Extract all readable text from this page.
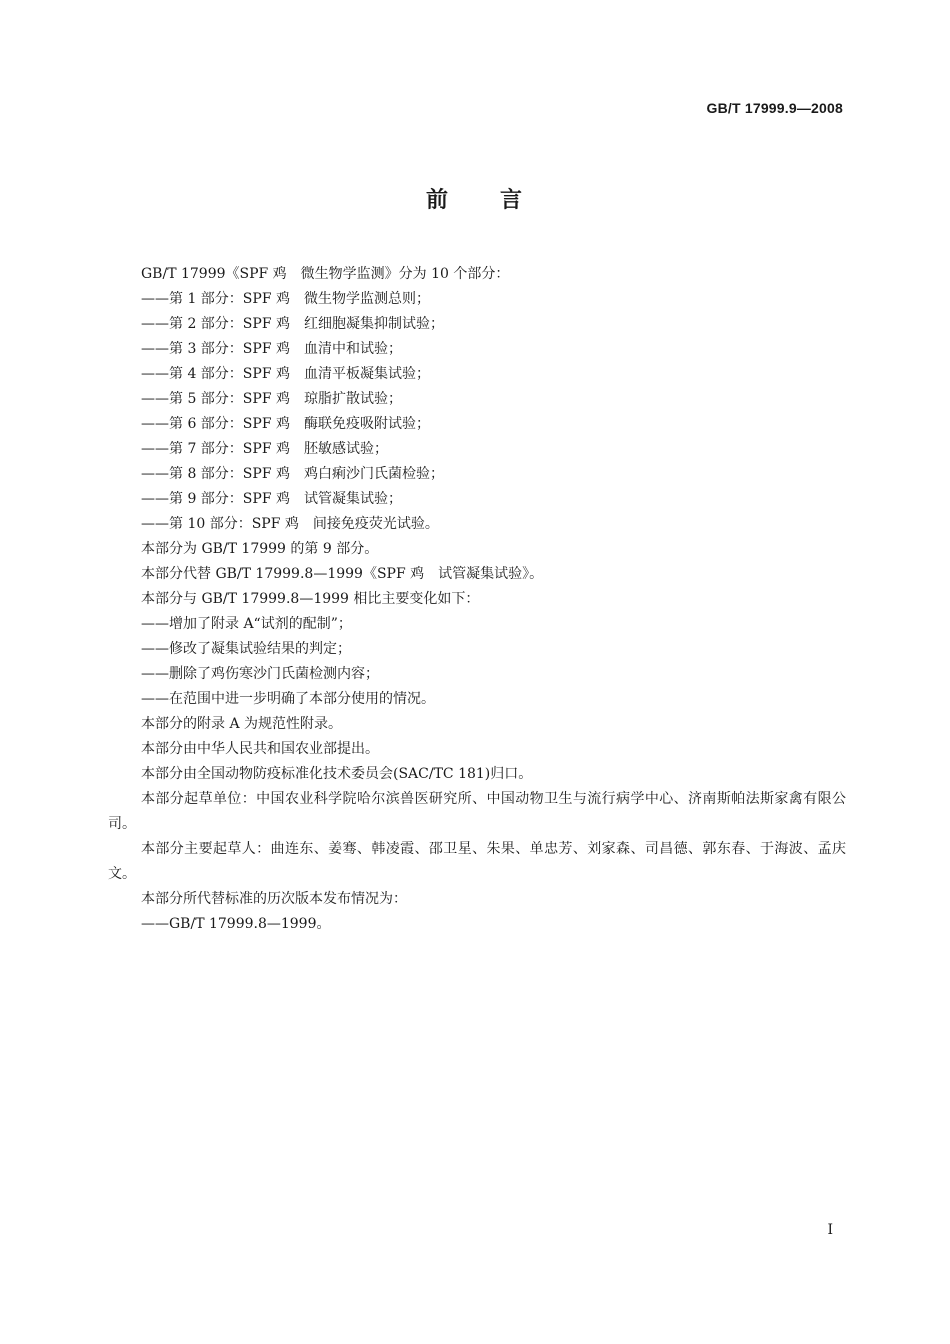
GB/T 17999.9—2008
前 言

GB/T 17999《SPF 鸡　微生物学监测》分为 10 个部分：

——第 1 部分：SPF 鸡　微生物学监测总则；

——第 2 部分：SPF 鸡　红细胞凝集抑制试验；

——第 3 部分：SPF 鸡　血清中和试验；

——第 4 部分：SPF 鸡　血清平板凝集试验；

——第 5 部分：SPF 鸡　琼脂扩散试验；

——第 6 部分：SPF 鸡　酶联免疫吸附试验；

——第 7 部分：SPF 鸡　胚敏感试验；

——第 8 部分：SPF 鸡　鸡白痢沙门氏菌检验；

——第 9 部分：SPF 鸡　试管凝集试验；

——第 10 部分：SPF 鸡　间接免疫荧光试验。

本部分为 GB/T 17999 的第 9 部分。

本部分代替 GB/T 17999.8—1999《SPF 鸡　试管凝集试验》。

本部分与 GB/T 17999.8—1999 相比主要变化如下：

——增加了附录 A“试剂的配制”；

——修改了凝集试验结果的判定；

——删除了鸡伤寒沙门氏菌检测内容；

——在范围中进一步明确了本部分使用的情况。

本部分的附录 A 为规范性附录。

本部分由中华人民共和国农业部提出。

本部分由全国动物防疫标准化技术委员会(SAC/TC 181)归口。

本部分起草单位：中国农业科学院哈尔滨兽医研究所、中国动物卫生与流行病学中心、济南斯帕法斯家禽有限公司。

本部分主要起草人：曲连东、姜骞、韩凌霞、邵卫星、朱果、单忠芳、刘家森、司昌德、郭东春、于海波、孟庆文。

本部分所代替标准的历次版本发布情况为：

——GB/T 17999.8—1999。

I
